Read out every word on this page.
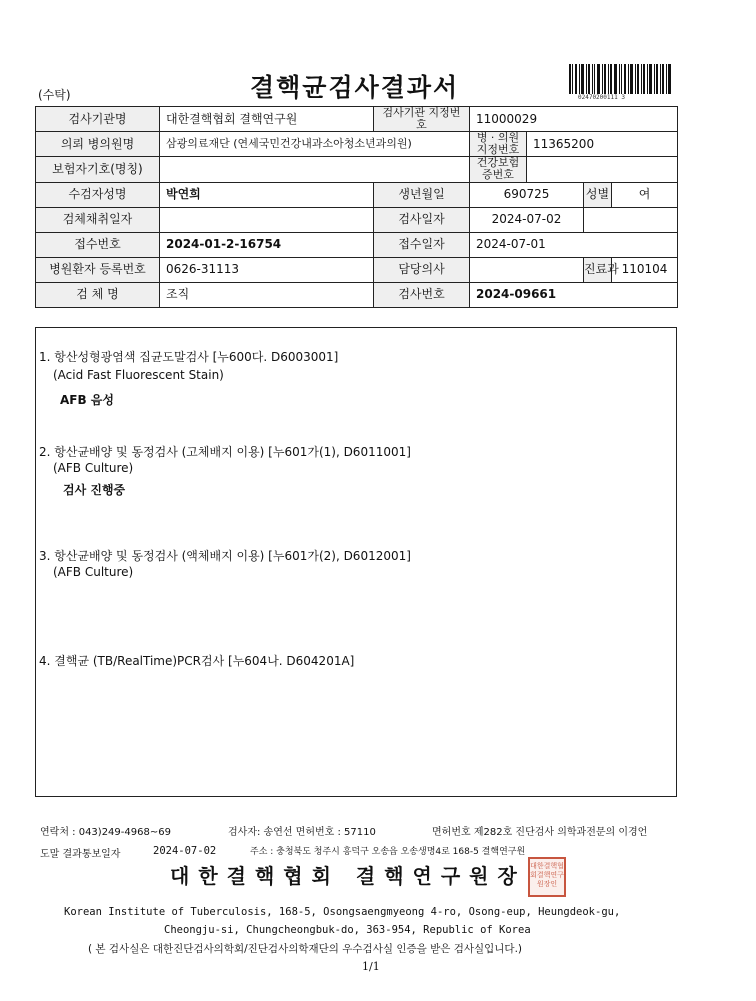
(수탁)	결핵균검사결과서	02470200111 3
검사기관명	대한결핵협회 결핵연구원	검사기관 지정번호	11000029			
의뢰 병의원명	삼광의료재단 (연세국민건강내과소아청소년과의원)		병 · 의원 지정번호	11365200		
보험자기호(명칭)			건강보험 증번호			
수검자성명	박연희	생년월일	690725		성별	여
검체채취일자		검사일자	2024-07-02			
접수번호	2024-01-2-16754	접수일자	2024-07-01			
병원환자 등록번호	0626-31113	담당의사			진료과	110104
검 체 명	조직	검사번호	2024-09661			
1. 항산성형광염색 집균도말검사 [누600다. D6003001]
(Acid Fast Fluorescent Stain)
AFB 음성
2. 항산균배양 및 동정검사 (고체배지 이용) [누601가(1), D6011001]
(AFB Culture)
검사 진행중
3. 항산균배양 및 동정검사 (액체배지 이용) [누601가(2), D6012001]
(AFB Culture)
4. 결핵균 (TB/RealTime)PCR검사 [누604나. D604201A]
연락처 : 043)249-4968~69	검사자: 송연선 면허번호 : 57110	면허번호 제282호 진단검사 의학과전문의 이경언
도말 결과통보일자	2024-07-02	주소 : 충청북도 청주시 흥덕구 오송읍 오송생명4로 168-5 결핵연구원
대한결핵협회 결핵연구원장 대한결핵협회결핵연구원장인
Korean Institute of Tuberculosis, 168-5, Osongsaengmyeong 4-ro, Osong-eup, Heungdeok-gu,
Cheongju-si, Chungcheongbuk-do, 363-954, Republic of Korea
( 본 검사실은 대한진단검사의학회/진단검사의학재단의 우수검사실 인증을 받은 검사실입니다.)
1/1
